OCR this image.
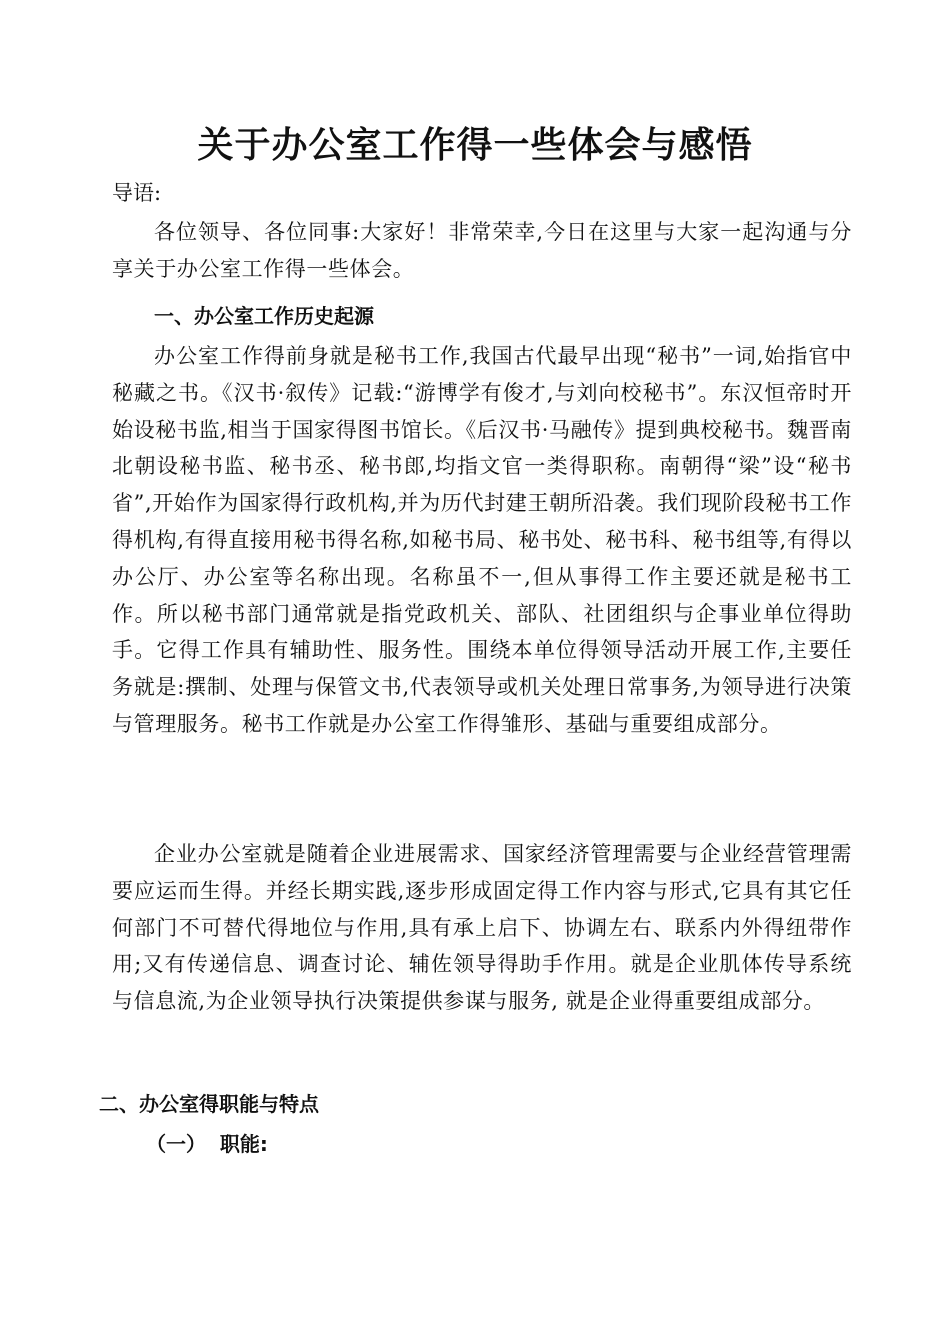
关于办公室工作得一些体会与感悟

导语:

各位领导、各位同事:大家好！非常荣幸,今日在这里与大家一起沟通与分享关于办公室工作得一些体会。

一、办公室工作历史起源

办公室工作得前身就是秘书工作,我国古代最早出现“秘书”一词,始指官中秘藏之书。《汉书·叙传》记载:“游博学有俊才,与刘向校秘书”。东汉恒帝时开始设秘书监,相当于国家得图书馆长。《后汉书·马融传》提到典校秘书。魏晋南北朝设秘书监、秘书丞、秘书郎,均指文官一类得职称。南朝得“梁”设“秘书省”,开始作为国家得行政机构,并为历代封建王朝所沿袭。我们现阶段秘书工作得机构,有得直接用秘书得名称,如秘书局、秘书处、秘书科、秘书组等,有得以办公厅、办公室等名称出现。名称虽不一,但从事得工作主要还就是秘书工作。所以秘书部门通常就是指党政机关、部队、社团组织与企事业单位得助手。它得工作具有辅助性、服务性。围绕本单位得领导活动开展工作,主要任务就是:撰制、处理与保管文书,代表领导或机关处理日常事务,为领导进行决策与管理服务。秘书工作就是办公室工作得雏形、基础与重要组成部分。

企业办公室就是随着企业进展需求、国家经济管理需要与企业经营管理需要应运而生得。并经长期实践,逐步形成固定得工作内容与形式,它具有其它任何部门不可替代得地位与作用,具有承上启下、协调左右、联系内外得纽带作用;又有传递信息、调查讨论、辅佐领导得助手作用。就是企业肌体传导系统与信息流,为企业领导执行决策提供参谋与服务, 就是企业得重要组成部分。

二、办公室得职能与特点
（一）  职能:
